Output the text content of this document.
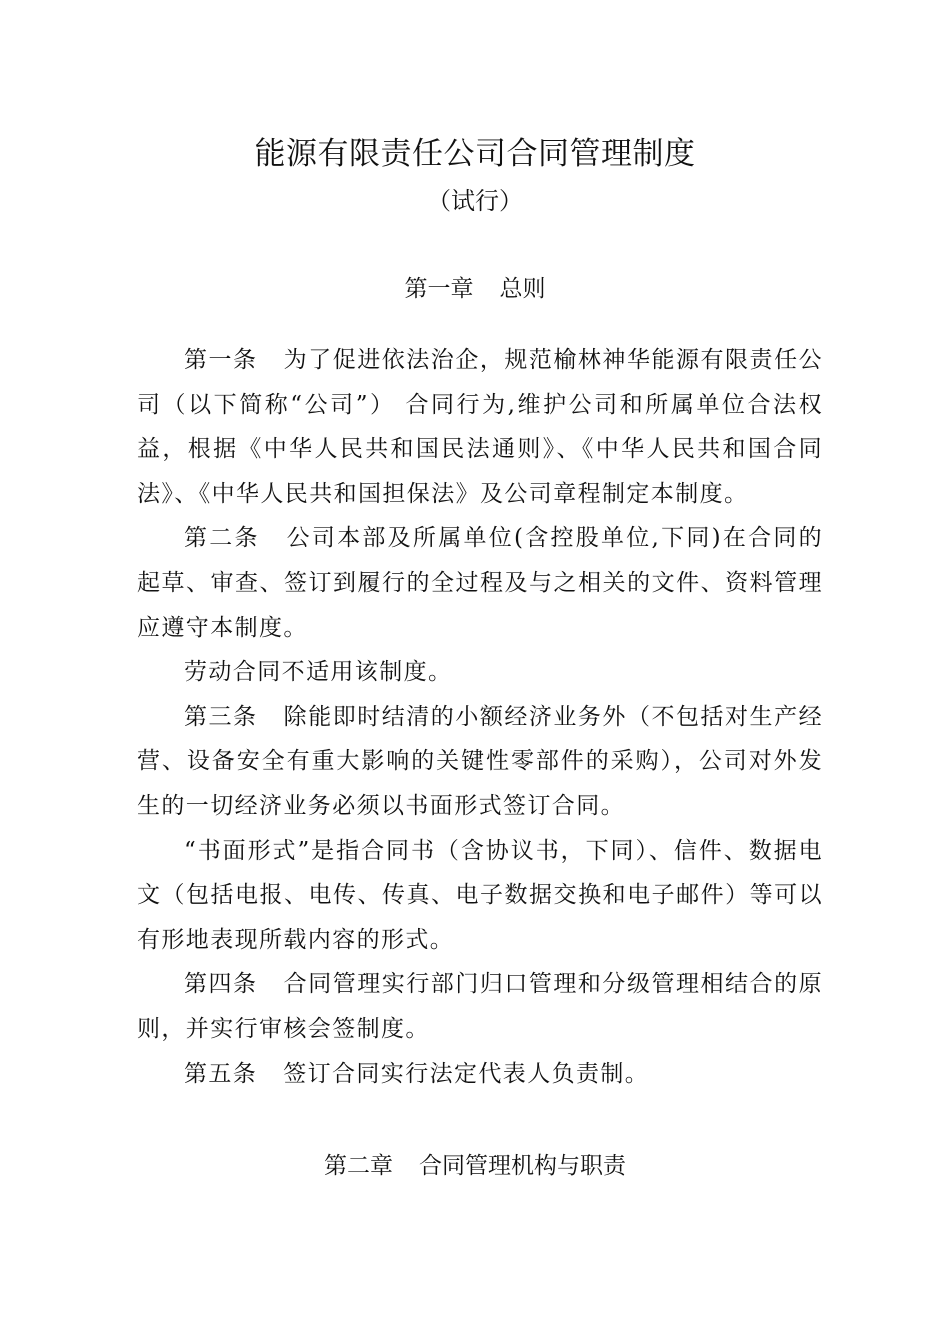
能源有限责任公司合同管理制度
（试行）
第一章 总则

第一条 为了促进依法治企，规范榆林神华能源有限责任公司（以下简称“公司”） 合同行为,维护公司和所属单位合法权益，根据《中华人民共和国民法通则》、《中华人民共和国合同法》、《中华人民共和国担保法》及公司章程制定本制度。

第二条 公司本部及所属单位(含控股单位,下同)在合同的起草、审查、签订到履行的全过程及与之相关的文件、资料管理应遵守本制度。

劳动合同不适用该制度。

第三条 除能即时结清的小额经济业务外（不包括对生产经营、设备安全有重大影响的关键性零部件的采购），公司对外发生的一切经济业务必须以书面形式签订合同。

“书面形式”是指合同书（含协议书，下同）、信件、数据电文（包括电报、电传、传真、电子数据交换和电子邮件）等可以有形地表现所载内容的形式。

第四条 合同管理实行部门归口管理和分级管理相结合的原则，并实行审核会签制度。

第五条 签订合同实行法定代表人负责制。

第二章 合同管理机构与职责
